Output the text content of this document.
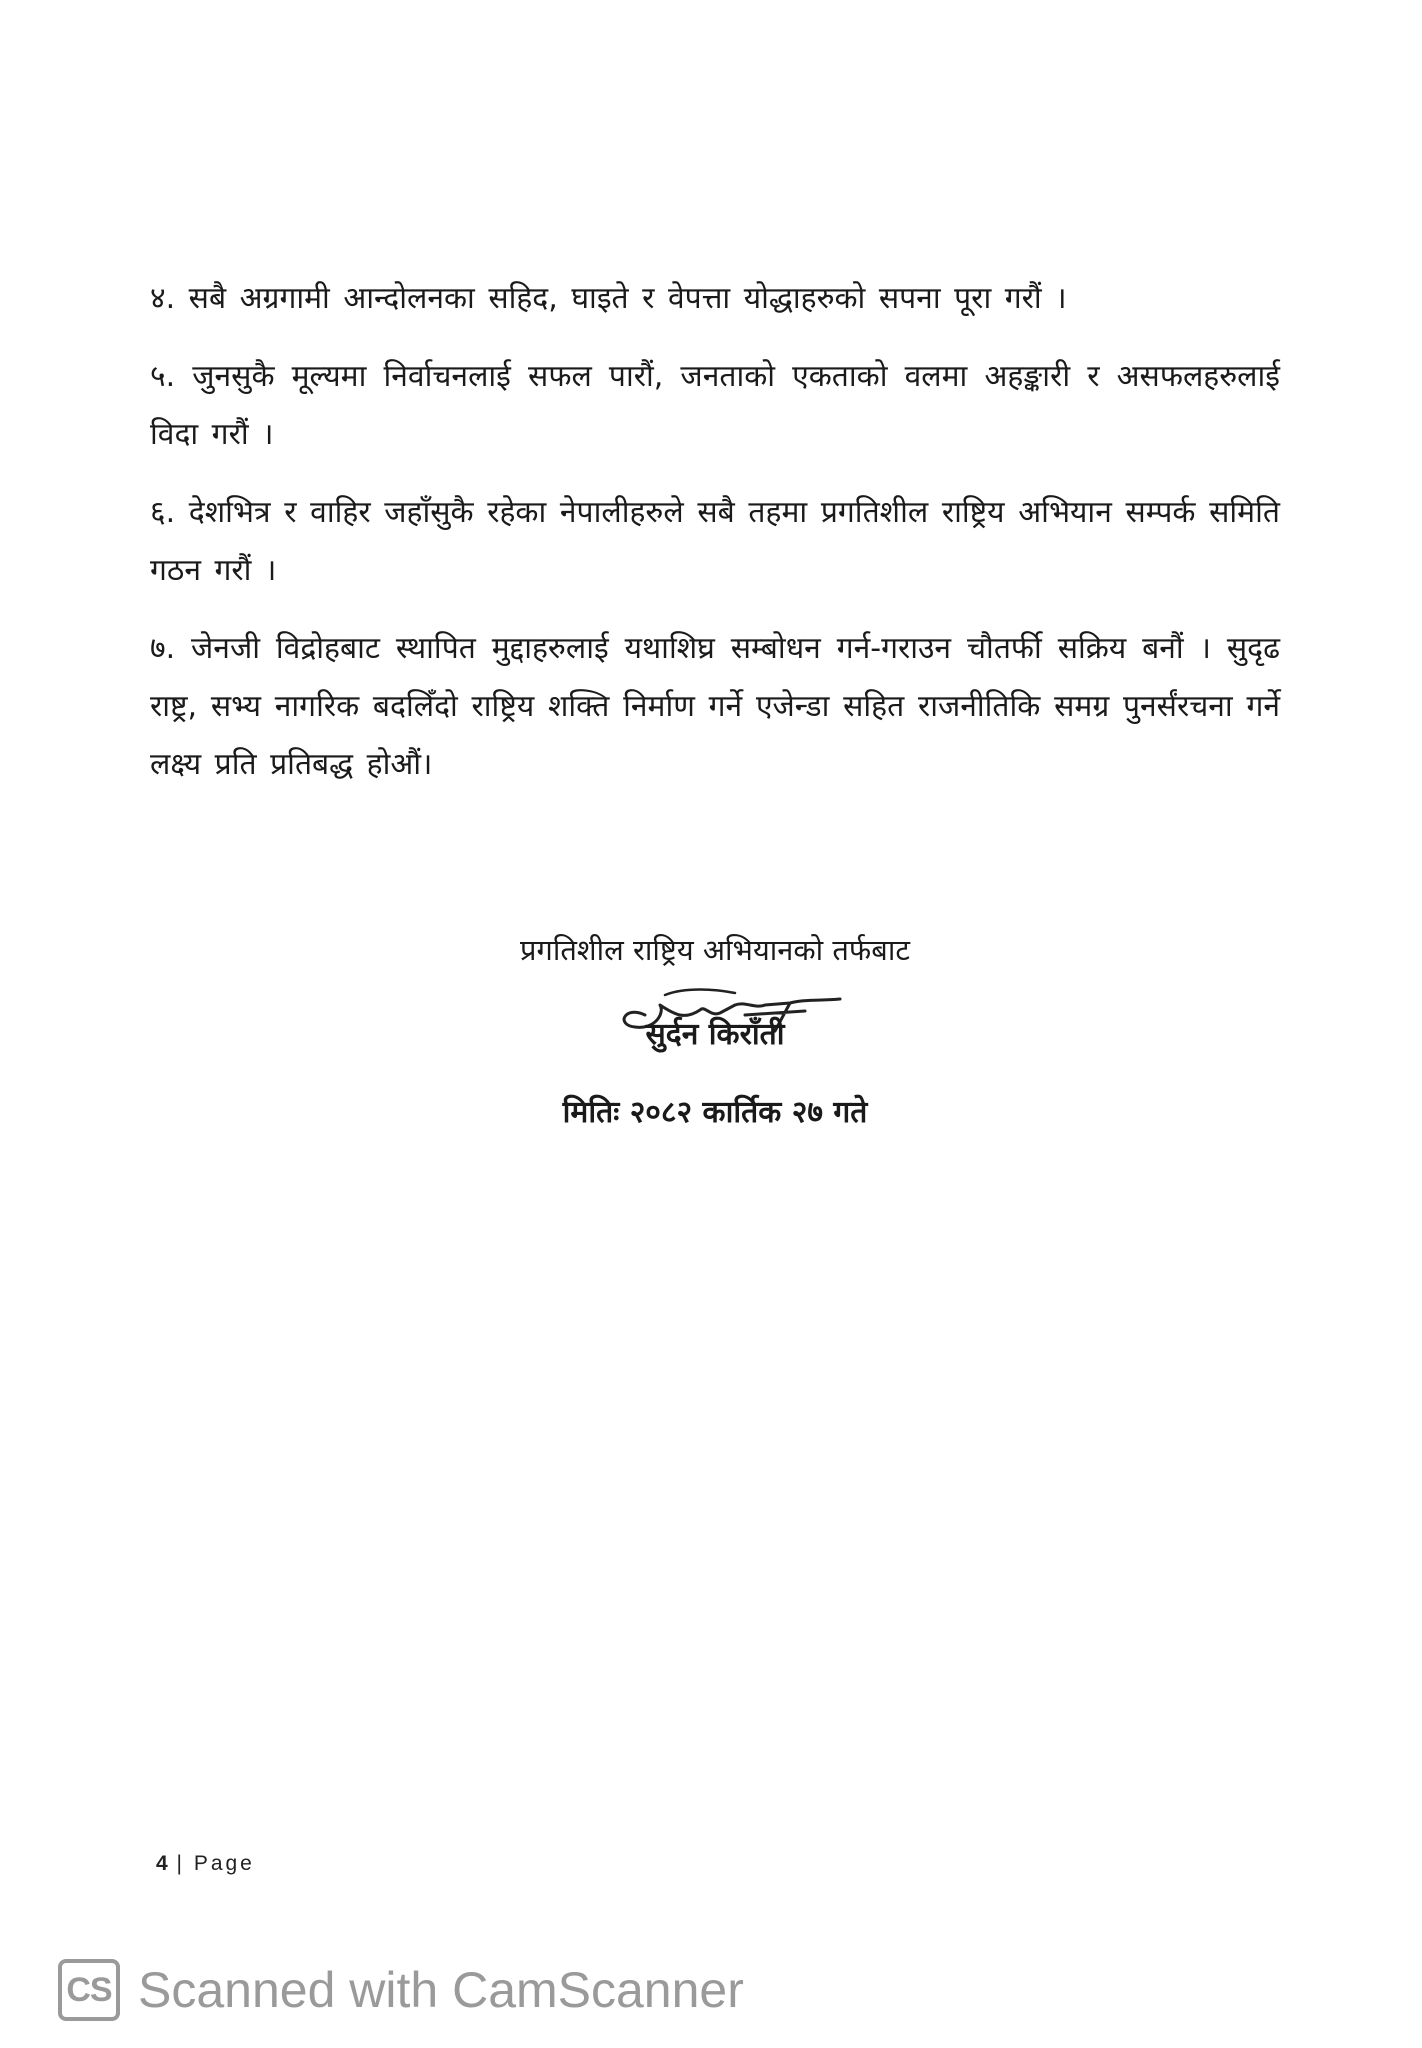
४. सबै अग्रगामी आन्दोलनका सहिद, घाइते र वेपत्ता योद्धाहरुको सपना पूरा गरौं ।

५. जुनसुकै मूल्यमा निर्वाचनलाई सफल पारौं, जनताको एकताको वलमा अहङ्कारी र असफलहरुलाई विदा गरौं ।

६. देशभित्र र वाहिर जहाँसुकै रहेका नेपालीहरुले सबै तहमा प्रगतिशील राष्ट्रिय अभियान सम्पर्क समिति गठन गरौं ।

७. जेनजी विद्रोहबाट स्थापित मुद्दाहरुलाई यथाशिघ्र सम्बोधन गर्न-गराउन चौतर्फी सक्रिय बनौं । सुदृढ राष्ट्र, सभ्य नागरिक बदलिँदो राष्ट्रिय शक्ति निर्माण गर्ने एजेन्डा सहित राजनीतिकि समग्र पुनर्संरचना गर्ने लक्ष्य प्रति प्रतिबद्ध होऔं।

प्रगतिशील राष्ट्रिय अभियानको तर्फबाट
सुर्दन किराँती
मितिः २०८२ कार्तिक २७ गते
4 | Page
CS Scanned with CamScanner
